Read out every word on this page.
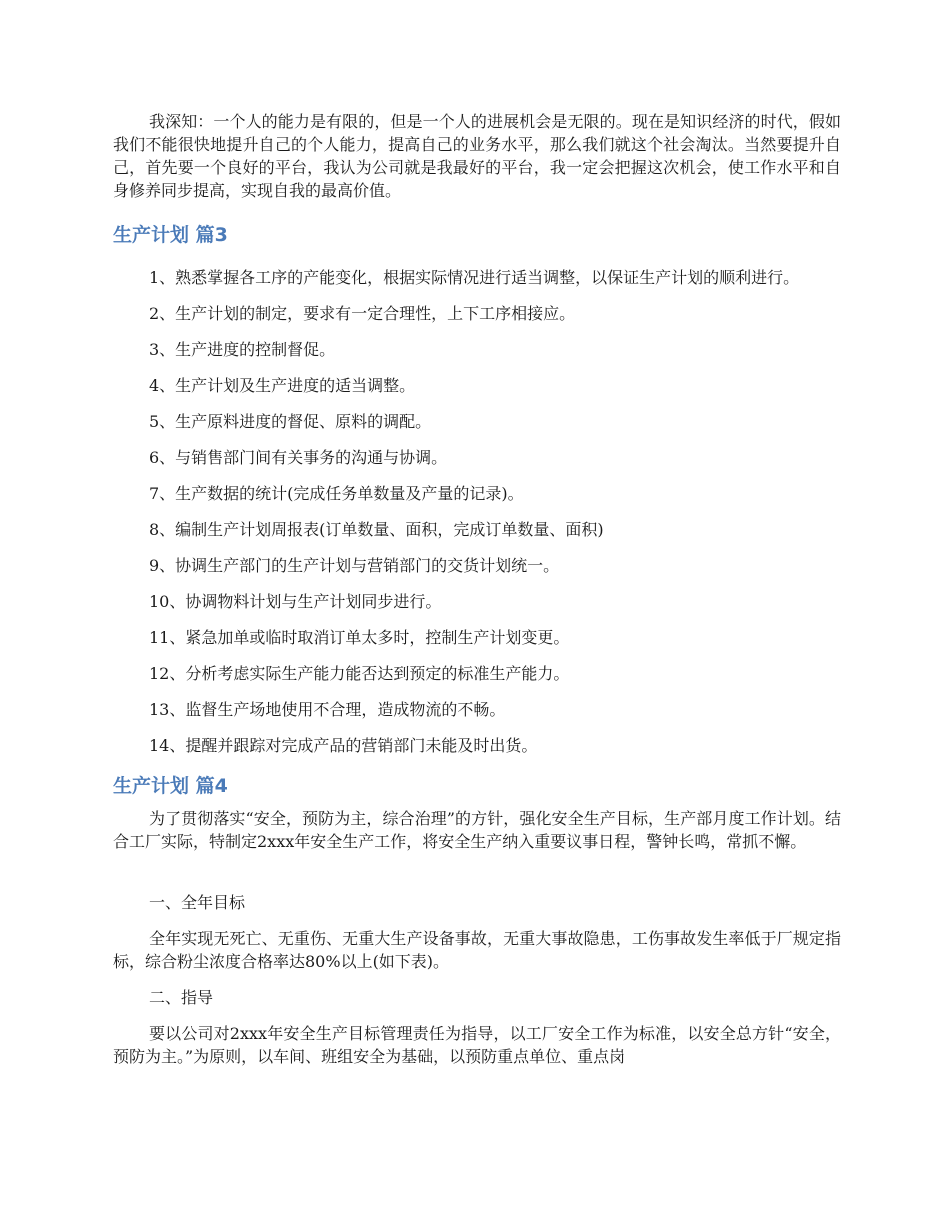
我深知：一个人的能力是有限的，但是一个人的进展机会是无限的。现在是知识经济的时代，假如我们不能很快地提升自己的个人能力，提高自己的业务水平，那么我们就这个社会淘汰。当然要提升自己，首先要一个良好的平台，我认为公司就是我最好的平台，我一定会把握这次机会，使工作水平和自身修养同步提高，实现自我的最高价值。

生产计划 篇3

1、熟悉掌握各工序的产能变化，根据实际情况进行适当调整，以保证生产计划的顺利进行。

2、生产计划的制定，要求有一定合理性，上下工序相接应。

3、生产进度的控制督促。

4、生产计划及生产进度的适当调整。

5、生产原料进度的督促、原料的调配。

6、与销售部门间有关事务的沟通与协调。

7、生产数据的统计(完成任务单数量及产量的记录)。

8、编制生产计划周报表(订单数量、面积，完成订单数量、面积)

9、协调生产部门的生产计划与营销部门的交货计划统一。

10、协调物料计划与生产计划同步进行。

11、紧急加单或临时取消订单太多时，控制生产计划变更。

12、分析考虑实际生产能力能否达到预定的标准生产能力。

13、监督生产场地使用不合理，造成物流的不畅。

14、提醒并跟踪对完成产品的营销部门未能及时出货。

生产计划 篇4

为了贯彻落实“安全，预防为主，综合治理”的方针，强化安全生产目标，生产部月度工作计划。结合工厂实际，特制定2xxx年安全生产工作，将安全生产纳入重要议事日程，警钟长鸣，常抓不懈。

一、全年目标

全年实现无死亡、无重伤、无重大生产设备事故，无重大事故隐患，工伤事故发生率低于厂规定指标，综合粉尘浓度合格率达80%以上(如下表)。

二、指导

要以公司对2xxx年安全生产目标管理责任为指导，以工厂安全工作为标准，以安全总方针“安全，预防为主。”为原则，以车间、班组安全为基础，以预防重点单位、重点岗
